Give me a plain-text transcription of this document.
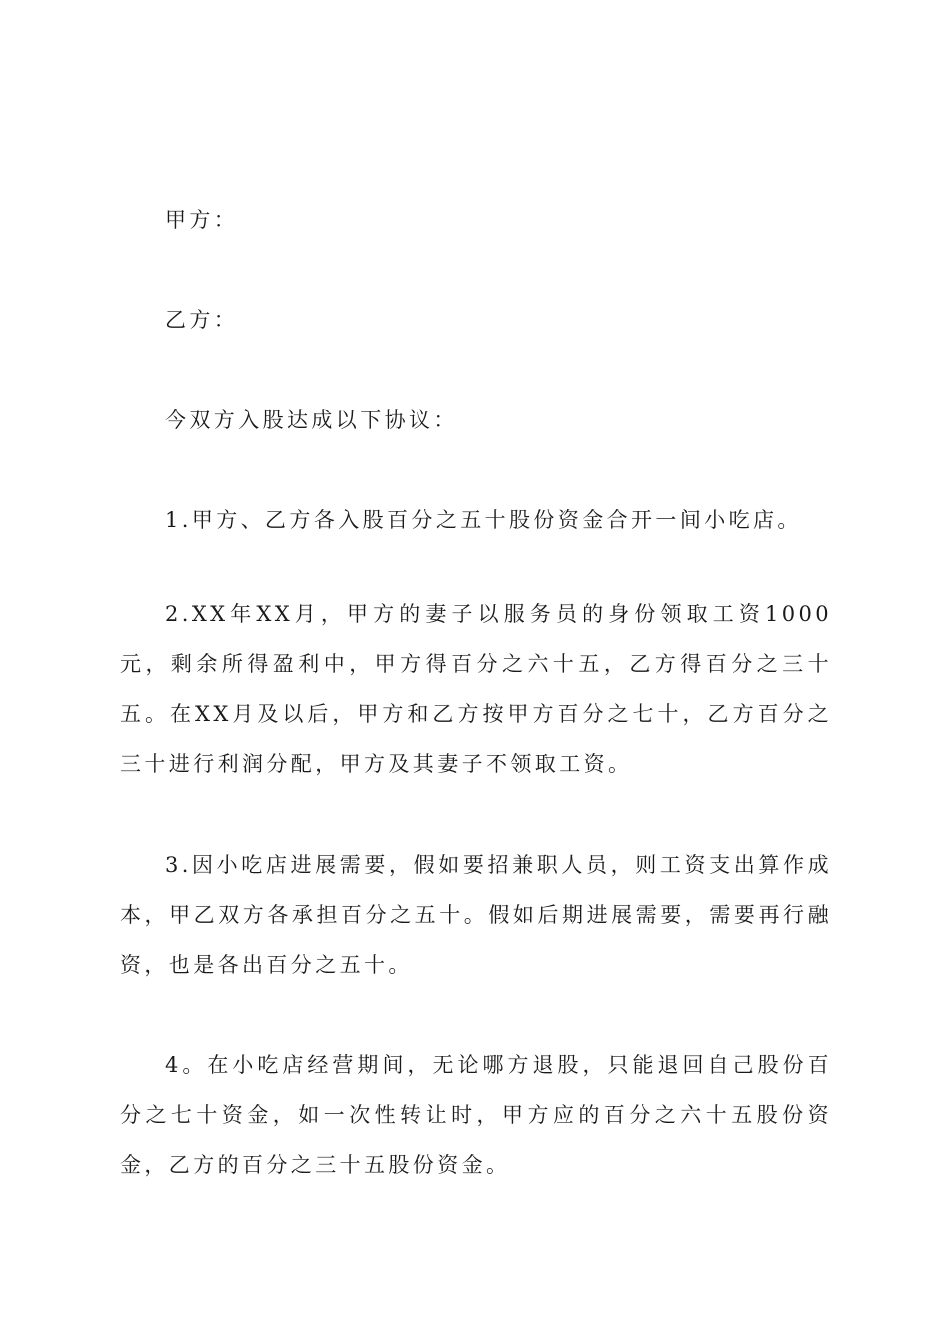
甲方：
乙方：
今双方入股达成以下协议：
1.甲方、乙方各入股百分之五十股份资金合开一间小吃店。
2.XX年XX月，甲方的妻子以服务员的身份领取工资1000元，剩余所得盈利中，甲方得百分之六十五，乙方得百分之三十五。在XX月及以后，甲方和乙方按甲方百分之七十，乙方百分之三十进行利润分配，甲方及其妻子不领取工资。
3.因小吃店进展需要，假如要招兼职人员，则工资支出算作成本，甲乙双方各承担百分之五十。假如后期进展需要，需要再行融资，也是各出百分之五十。
4。在小吃店经营期间，无论哪方退股，只能退回自己股份百分之七十资金，如一次性转让时，甲方应的百分之六十五股份资金，乙方的百分之三十五股份资金。
